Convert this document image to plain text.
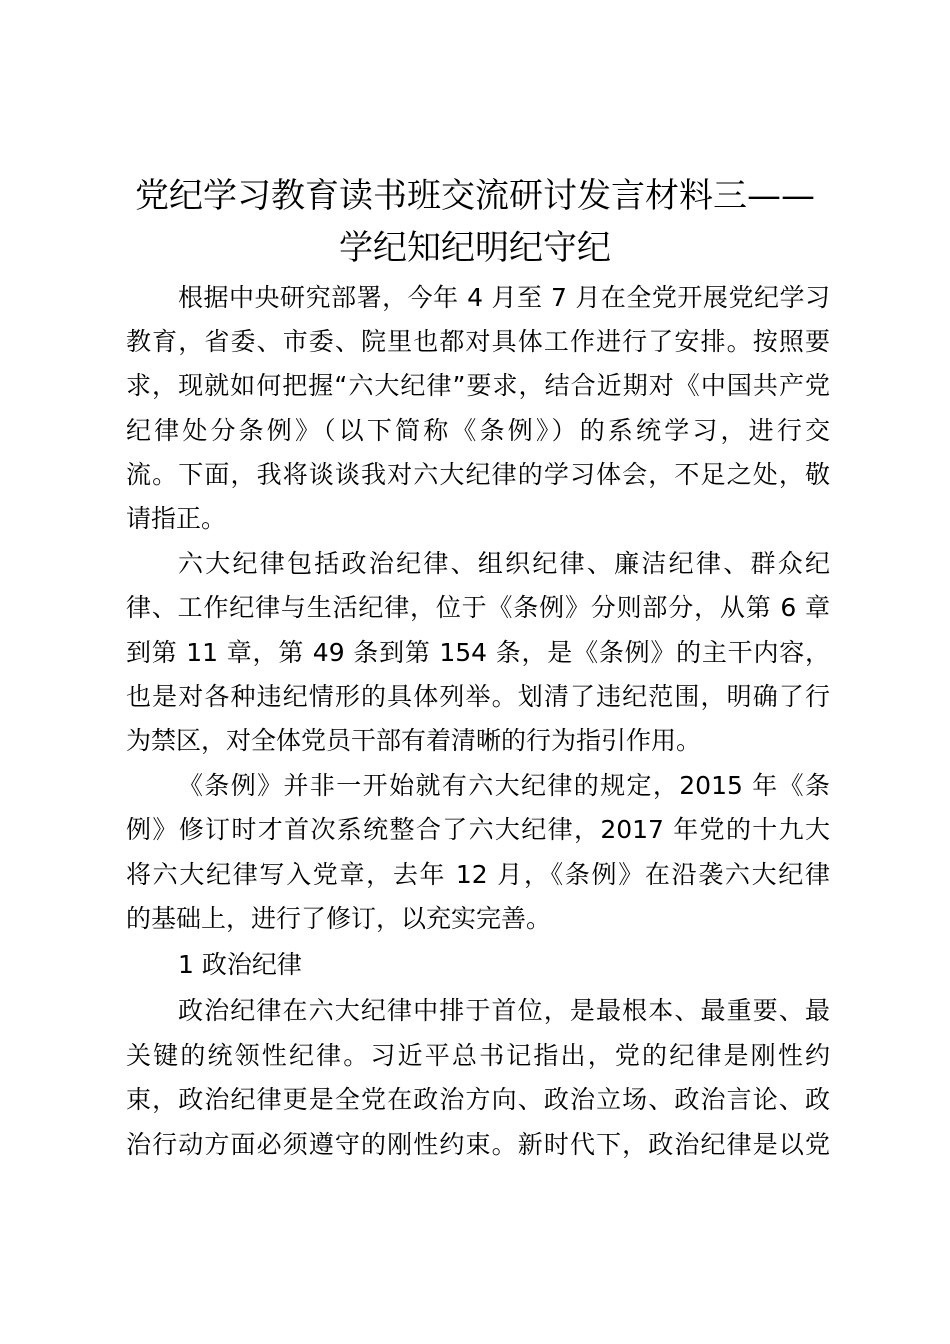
党纪学习教育读书班交流研讨发言材料三——
学纪知纪明纪守纪
根据中央研究部署，今年 4 月至 7 月在全党开展党纪学习
教育，省委、市委、院里也都对具体工作进行了安排。按照要
求，现就如何把握“六大纪律”要求，结合近期对《中国共产党
纪律处分条例》（以下简称《条例》）的系统学习，进行交
流。下面，我将谈谈我对六大纪律的学习体会，不足之处，敬
请指正。
六大纪律包括政治纪律、组织纪律、廉洁纪律、群众纪
律、工作纪律与生活纪律，位于《条例》分则部分，从第 6 章
到第 11 章，第 49 条到第 154 条，是《条例》的主干内容，
也是对各种违纪情形的具体列举。划清了违纪范围，明确了行
为禁区，对全体党员干部有着清晰的行为指引作用。
《条例》并非一开始就有六大纪律的规定，2015 年《条
例》修订时才首次系统整合了六大纪律，2017 年党的十九大
将六大纪律写入党章，去年 12 月，《条例》在沿袭六大纪律
的基础上，进行了修订，以充实完善。
1 政治纪律
政治纪律在六大纪律中排于首位，是最根本、最重要、最
关键的统领性纪律。习近平总书记指出，党的纪律是刚性约
束，政治纪律更是全党在政治方向、政治立场、政治言论、政
治行动方面必须遵守的刚性约束。新时代下，政治纪律是以党
